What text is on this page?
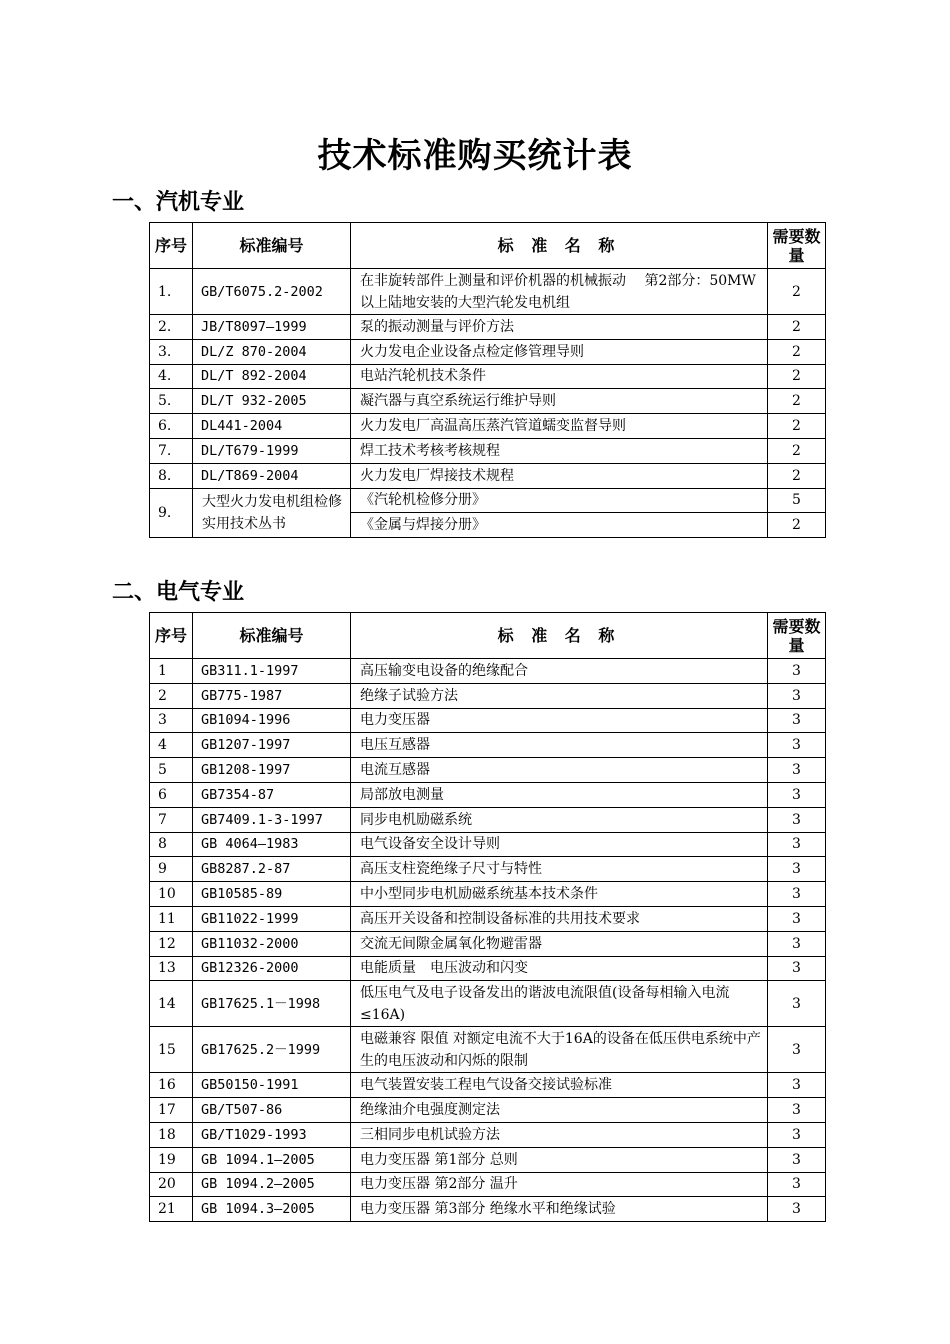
技术标准购买统计表
一、汽机专业
序号	标准编号	标 准 名 称	需要数量
1.	GB/T6075.2-2002	在非旋转部件上测量和评价机器的机械振动　 第2部分：50MW以上陆地安装的大型汽轮发电机组	2
2.	JB/T8097—1999	泵的振动测量与评价方法	2
3.	DL/Z 870-2004	火力发电企业设备点检定修管理导则	2
4.	DL/T 892-2004	电站汽轮机技术条件	2
5.	DL/T 932-2005	凝汽器与真空系统运行维护导则	2
6.	DL441-2004	火力发电厂高温高压蒸汽管道蠕变监督导则	2
7.	DL/T679-1999	焊工技术考核考核规程	2
8.	DL/T869-2004	火力发电厂焊接技术规程	2
9.	大型火力发电机组检修实用技术丛书	《汽轮机检修分册》	5
		《金属与焊接分册》	2
二、电气专业
序号	标准编号	标 准 名 称	需要数量
1	GB311.1-1997	高压输变电设备的绝缘配合	3
2	GB775-1987	绝缘子试验方法	3
3	GB1094-1996	电力变压器	3
4	GB1207-1997	电压互感器	3
5	GB1208-1997	电流互感器	3
6	GB7354-87	局部放电测量	3
7	GB7409.1-3-1997	同步电机励磁系统	3
8	GB 4064—1983	电气设备安全设计导则	3
9	GB8287.2-87	高压支柱瓷绝缘子尺寸与特性	3
10	GB10585-89	中小型同步电机励磁系统基本技术条件	3
11	GB11022-1999	高压开关设备和控制设备标准的共用技术要求	3
12	GB11032-2000	交流无间隙金属氧化物避雷器	3
13	GB12326-2000	电能质量　电压波动和闪变	3
14	GB17625.1－1998	低压电气及电子设备发出的谐波电流限值(设备每相输入电流≤16A)	3
15	GB17625.2－1999	电磁兼容 限值 对额定电流不大于16A的设备在低压供电系统中产生的电压波动和闪烁的限制	3
16	GB50150-1991	电气装置安装工程电气设备交接试验标准	3
17	GB/T507-86	绝缘油介电强度测定法	3
18	GB/T1029-1993	三相同步电机试验方法	3
19	GB 1094.1—2005	电力变压器 第1部分 总则	3
20	GB 1094.2—2005	电力变压器 第2部分 温升	3
21	GB 1094.3—2005	电力变压器 第3部分 绝缘水平和绝缘试验	3
